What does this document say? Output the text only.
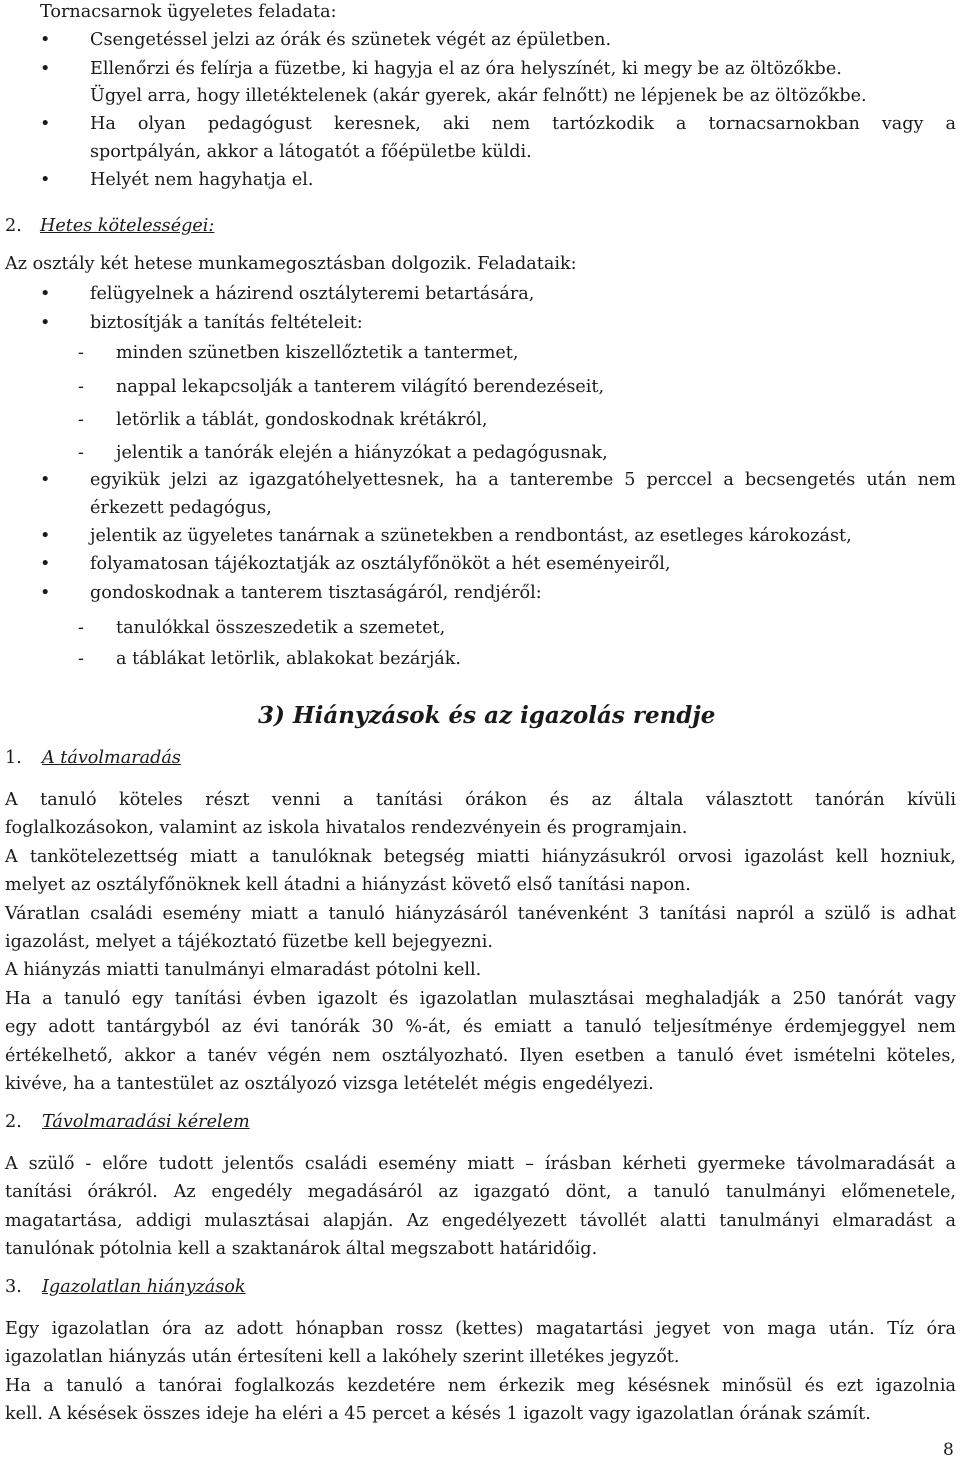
Tornacsarnok ügyeletes feladata:
• Csengetéssel jelzi az órák és szünetek végét az épületben.
• Ellenőrzi és felírja a füzetbe, ki hagyja el az óra helyszínét, ki megy be az öltözőkbe.
Ügyel arra, hogy illetéktelenek (akár gyerek, akár felnőtt) ne lépjenek be az öltözőkbe.
• Ha olyan pedagógust keresnek, aki nem tartózkodik a tornacsarnokban vagy a
sportpályán, akkor a látogatót a főépületbe küldi.
• Helyét nem hagyhatja el.
2. Hetes kötelességei:
Az osztály két hetese munkamegosztásban dolgozik. Feladataik:
• felügyelnek a házirend osztályteremi betartására,
• biztosítják a tanítás feltételeit:
- minden szünetben kiszellőztetik a tantermet,
- nappal lekapcsolják a tanterem világító berendezéseit,
- letörlik a táblát, gondoskodnak krétákról,
- jelentik a tanórák elején a hiányzókat a pedagógusnak,
• egyikük jelzi az igazgatóhelyettesnek, ha a tanterembe 5 perccel a becsengetés után nem
érkezett pedagógus,
• jelentik az ügyeletes tanárnak a szünetekben a rendbontást, az esetleges károkozást,
• folyamatosan tájékoztatják az osztályfőnököt a hét eseményeiről,
• gondoskodnak a tanterem tisztaságáról, rendjéről:
- tanulókkal összeszedetik a szemetet,
- a táblákat letörlik, ablakokat bezárják.
3) Hiányzások és az igazolás rendje
1. A távolmaradás
A tanuló köteles részt venni a tanítási órákon és az általa választott tanórán kívüli
foglalkozásokon, valamint az iskola hivatalos rendezvényein és programjain.
A tankötelezettség miatt a tanulóknak betegség miatti hiányzásukról orvosi igazolást kell hozniuk,
melyet az osztályfőnöknek kell átadni a hiányzást követő első tanítási napon.
Váratlan családi esemény miatt a tanuló hiányzásáról tanévenként 3 tanítási napról a szülő is adhat
igazolást, melyet a tájékoztató füzetbe kell bejegyezni.
A hiányzás miatti tanulmányi elmaradást pótolni kell.
Ha a tanuló egy tanítási évben igazolt és igazolatlan mulasztásai meghaladják a 250 tanórát vagy
egy adott tantárgyból az évi tanórák 30 %-át, és emiatt a tanuló teljesítménye érdemjeggyel nem
értékelhető, akkor a tanév végén nem osztályozható. Ilyen esetben a tanuló évet ismételni köteles,
kivéve, ha a tantestület az osztályozó vizsga letételét mégis engedélyezi.
2. Távolmaradási kérelem
A szülő - előre tudott jelentős családi esemény miatt – írásban kérheti gyermeke távolmaradását a
tanítási órákról. Az engedély megadásáról az igazgató dönt, a tanuló tanulmányi előmenetele,
magatartása, addigi mulasztásai alapján. Az engedélyezett távollét alatti tanulmányi elmaradást a
tanulónak pótolnia kell a szaktanárok által megszabott határidőig.
3. Igazolatlan hiányzások
Egy igazolatlan óra az adott hónapban rossz (kettes) magatartási jegyet von maga után. Tíz óra
igazolatlan hiányzás után értesíteni kell a lakóhely szerint illetékes jegyzőt.
Ha a tanuló a tanórai foglalkozás kezdetére nem érkezik meg késésnek minősül és ezt igazolnia
kell. A késések összes ideje ha eléri a 45 percet a késés 1 igazolt vagy igazolatlan órának számít.
8
